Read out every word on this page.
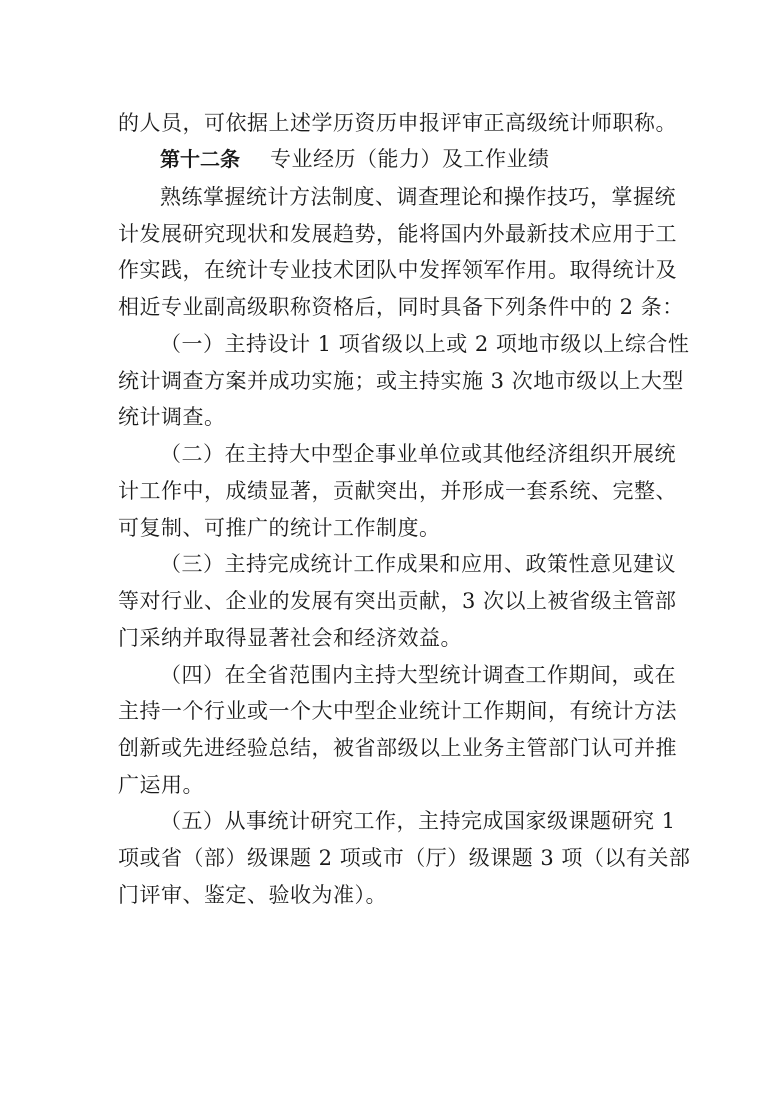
的人员，可依据上述学历资历申报评审正高级统计师职称。
第十二条 专业经历（能力）及工作业绩
熟练掌握统计方法制度、调查理论和操作技巧，掌握统
计发展研究现状和发展趋势，能将国内外最新技术应用于工
作实践，在统计专业技术团队中发挥领军作用。取得统计及
相近专业副高级职称资格后，同时具备下列条件中的 2 条：
（一）主持设计 1 项省级以上或 2 项地市级以上综合性
统计调查方案并成功实施；或主持实施 3 次地市级以上大型
统计调查。
（二）在主持大中型企事业单位或其他经济组织开展统
计工作中，成绩显著，贡献突出，并形成一套系统、完整、
可复制、可推广的统计工作制度。
（三）主持完成统计工作成果和应用、政策性意见建议
等对行业、企业的发展有突出贡献，3 次以上被省级主管部
门采纳并取得显著社会和经济效益。
（四）在全省范围内主持大型统计调查工作期间，或在
主持一个行业或一个大中型企业统计工作期间，有统计方法
创新或先进经验总结，被省部级以上业务主管部门认可并推
广运用。
（五）从事统计研究工作，主持完成国家级课题研究 1
项或省（部）级课题 2 项或市（厅）级课题 3 项（以有关部
门评审、鉴定、验收为准）。
